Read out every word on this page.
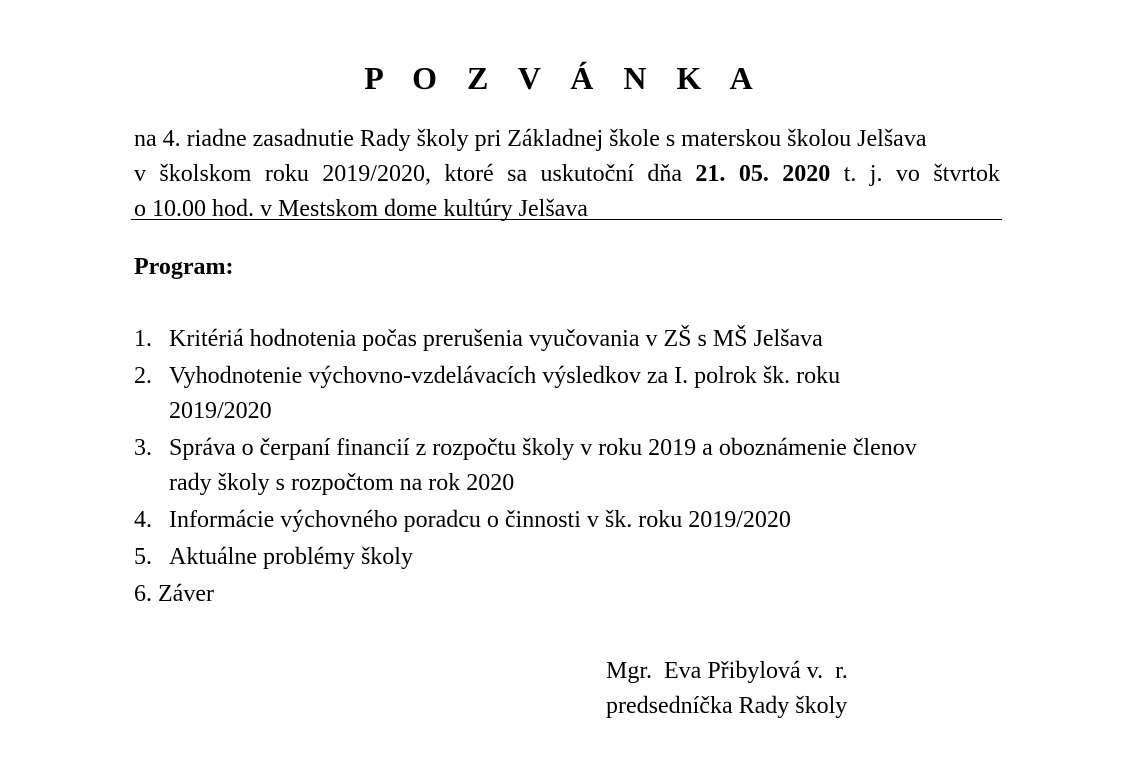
P O Z V Á N K A
na 4. riadne zasadnutie Rady školy pri Základnej škole s materskou školou Jelšava
v školskom roku 2019/2020, ktoré sa uskutoční dňa 21. 05. 2020 t. j. vo štvrtok
o 10.00 hod. v Mestskom dome kultúry Jelšava
Program:
1. Kritériá hodnotenia počas prerušenia vyučovania v ZŠ s MŠ Jelšava
2. Vyhodnotenie výchovno-vzdelávacích výsledkov za I. polrok šk. roku
2019/2020
3. Správa o čerpaní financií z rozpočtu školy v roku 2019 a oboznámenie členov
rady školy s rozpočtom na rok 2020
4. Informácie výchovného poradcu o činnosti v šk. roku 2019/2020
5. Aktuálne problémy školy
6. Záver
Mgr.  Eva Přibylová v.  r.
predsedníčka Rady školy
